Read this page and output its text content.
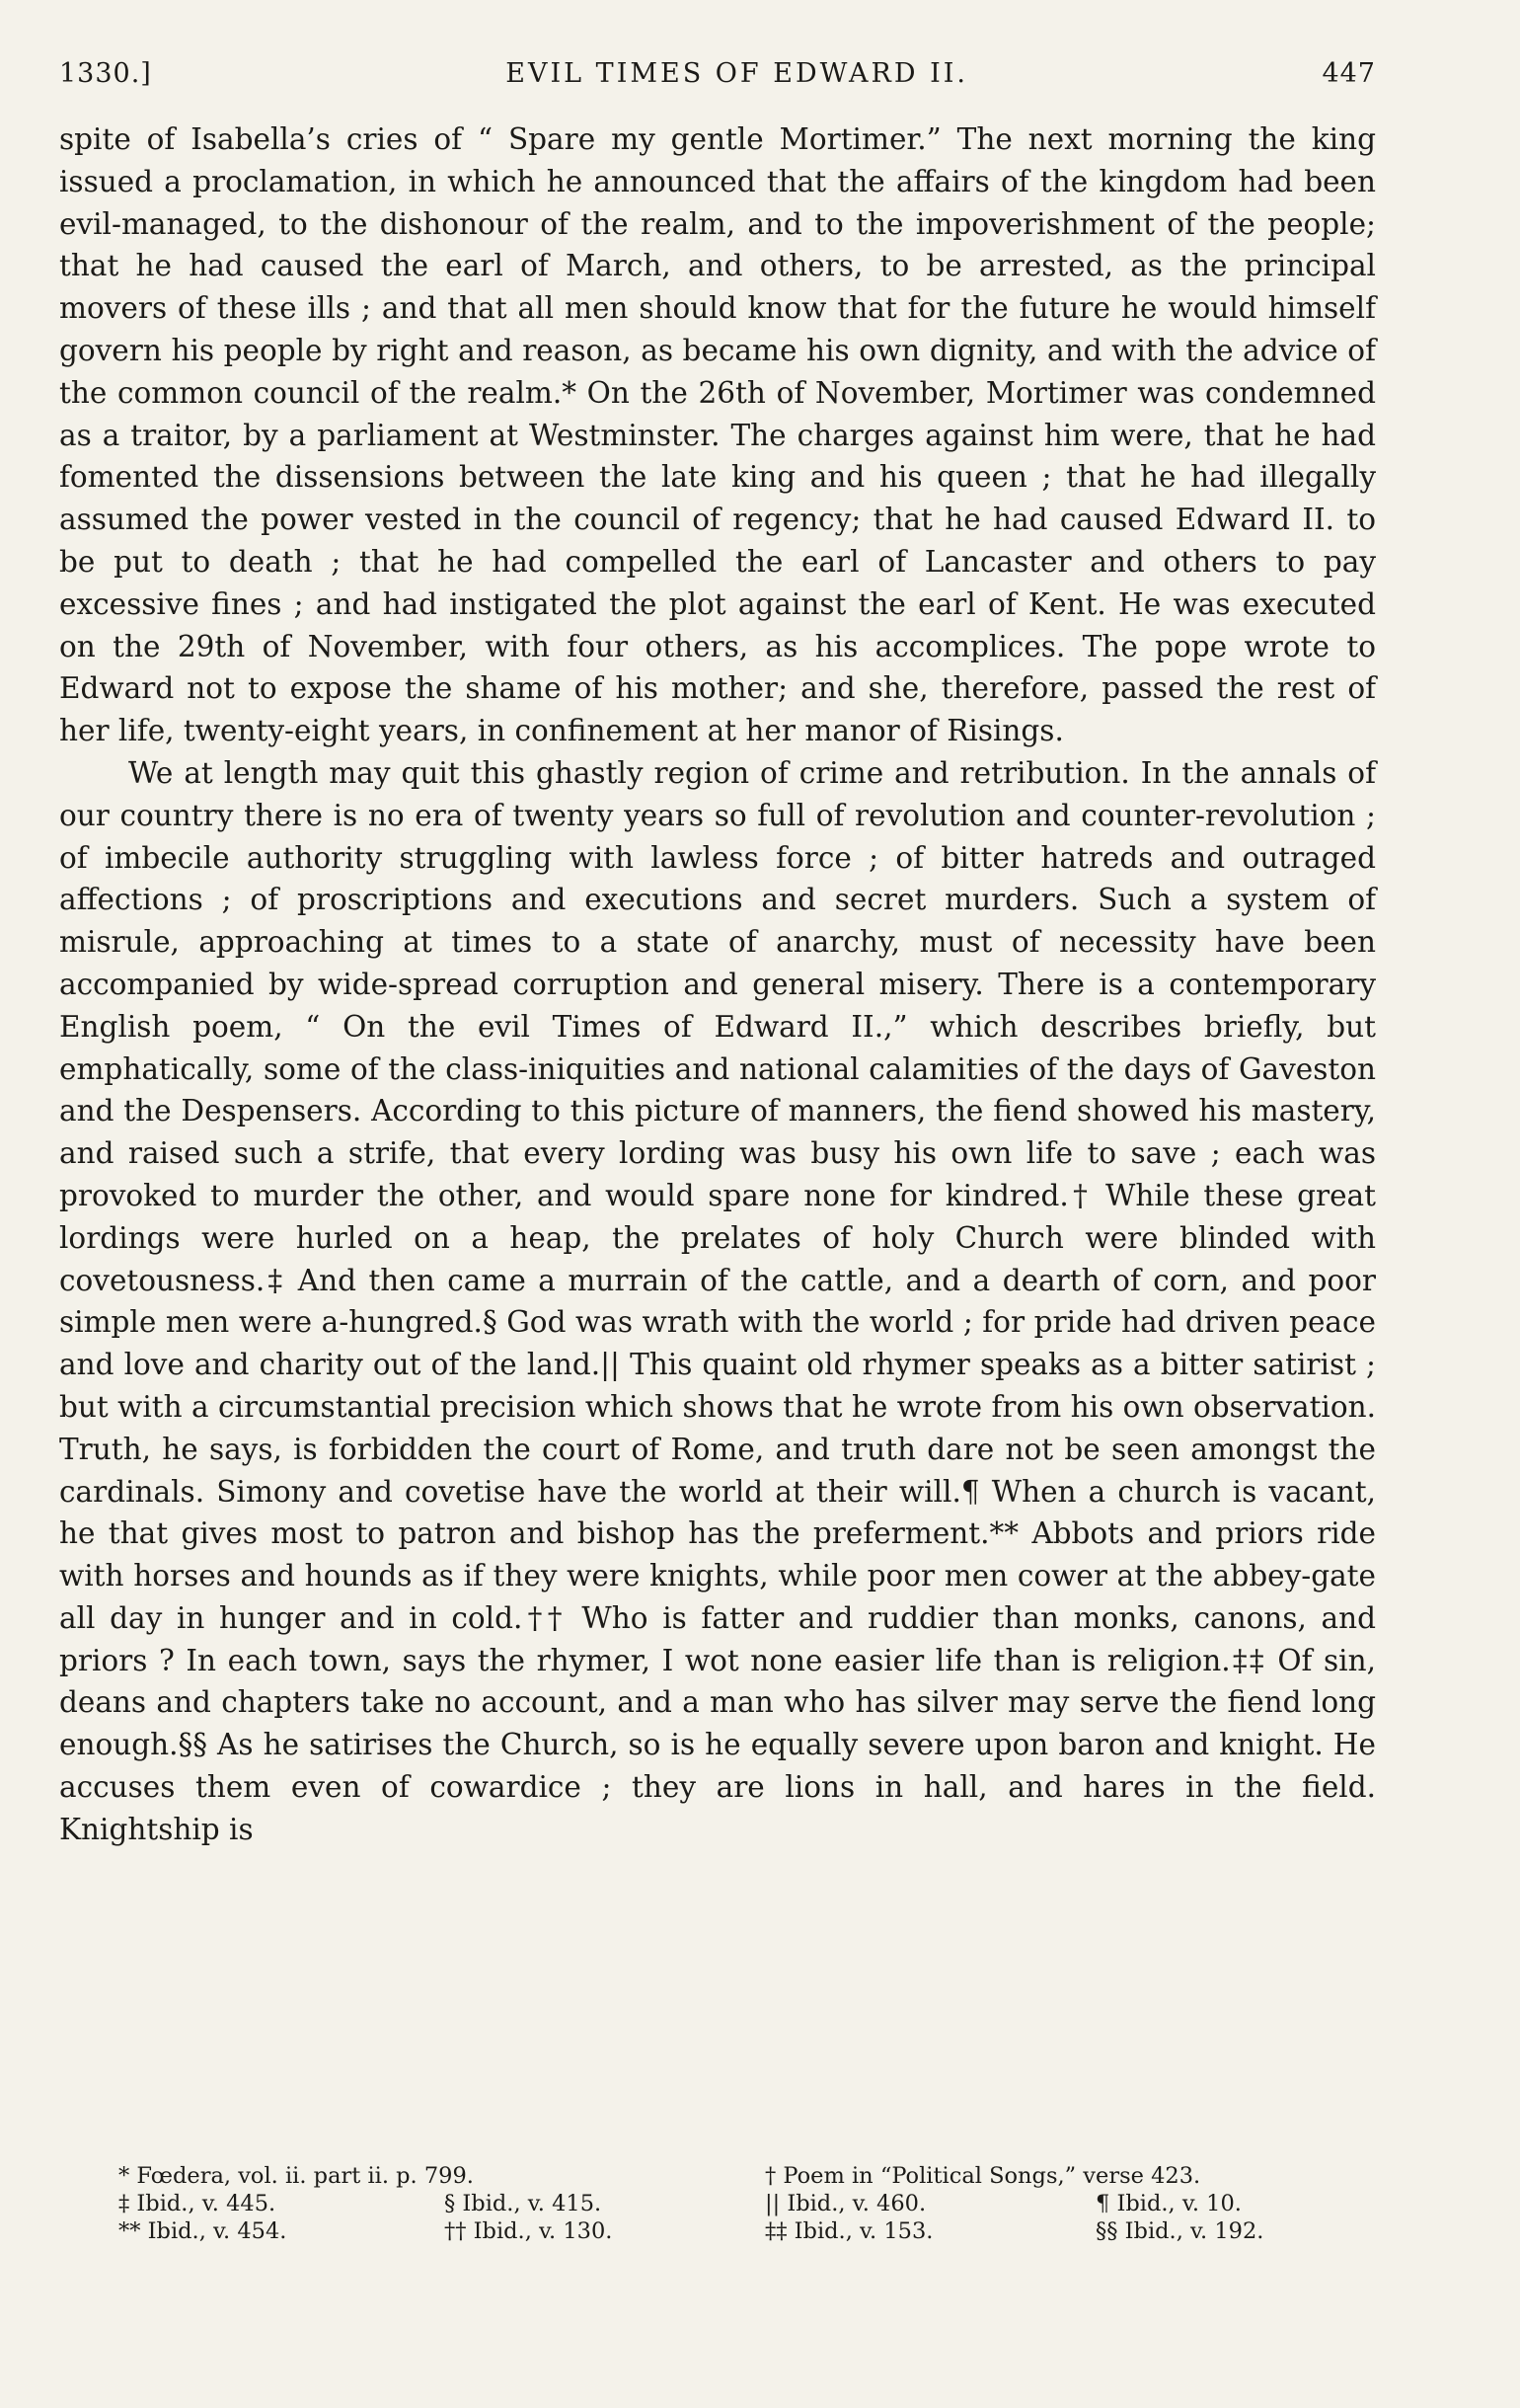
1330.]	EVIL TIMES OF EDWARD II.	447

spite of Isabella’s cries of “ Spare my gentle Mortimer.” The next morning the king issued a proclamation, in which he announced that the affairs of the kingdom had been evil-managed, to the dishonour of the realm, and to the impoverishment of the people; that he had caused the earl of March, and others, to be arrested, as the principal movers of these ills ; and that all men should know that for the future he would himself govern his people by right and reason, as became his own dignity, and with the advice of the common council of the realm.* On the 26th of November, Mortimer was condemned as a traitor, by a parliament at Westminster. The charges against him were, that he had fomented the dissensions between the late king and his queen ; that he had illegally assumed the power vested in the council of regency; that he had caused Edward II. to be put to death ; that he had compelled the earl of Lancaster and others to pay excessive fines ; and had instigated the plot against the earl of Kent. He was executed on the 29th of November, with four others, as his accomplices. The pope wrote to Edward not to expose the shame of his mother; and she, therefore, passed the rest of her life, twenty-eight years, in confinement at her manor of Risings.

We at length may quit this ghastly region of crime and retribution. In the annals of our country there is no era of twenty years so full of revolution and counter-revolution ; of imbecile authority struggling with lawless force ; of bitter hatreds and outraged affections ; of proscriptions and executions and secret murders. Such a system of misrule, approaching at times to a state of anarchy, must of necessity have been accompanied by wide-spread corruption and general misery. There is a contemporary English poem, “ On the evil Times of Edward II.,” which describes briefly, but emphatically, some of the class-iniquities and national calamities of the days of Gaveston and the Despensers. According to this picture of manners, the fiend showed his mastery, and raised such a strife, that every lording was busy his own life to save ; each was provoked to murder the other, and would spare none for kindred.† While these great lordings were hurled on a heap, the prelates of holy Church were blinded with covetousness.‡ And then came a murrain of the cattle, and a dearth of corn, and poor simple men were a-hungred.§ God was wrath with the world ; for pride had driven peace and love and charity out of the land.|| This quaint old rhymer speaks as a bitter satirist ; but with a circumstantial precision which shows that he wrote from his own observation. Truth, he says, is forbidden the court of Rome, and truth dare not be seen amongst the cardinals. Simony and covetise have the world at their will.¶ When a church is vacant, he that gives most to patron and bishop has the preferment.** Abbots and priors ride with horses and hounds as if they were knights, while poor men cower at the abbey-gate all day in hunger and in cold.†† Who is fatter and ruddier than monks, canons, and priors ? In each town, says the rhymer, I wot none easier life than is religion.‡‡ Of sin, deans and chapters take no account, and a man who has silver may serve the fiend long enough.§§ As he satirises the Church, so is he equally severe upon baron and knight. He accuses them even of cowardice ; they are lions in hall, and hares in the field. Knightship is

* Fœdera, vol. ii. part ii. p. 799.	† Poem in “Political Songs,” verse 423.
‡ Ibid., v. 445.	§ Ibid., v. 415.	|| Ibid., v. 460.	¶ Ibid., v. 10.
** Ibid., v. 454.	†† Ibid., v. 130.	‡‡ Ibid., v. 153.	§§ Ibid., v. 192.
